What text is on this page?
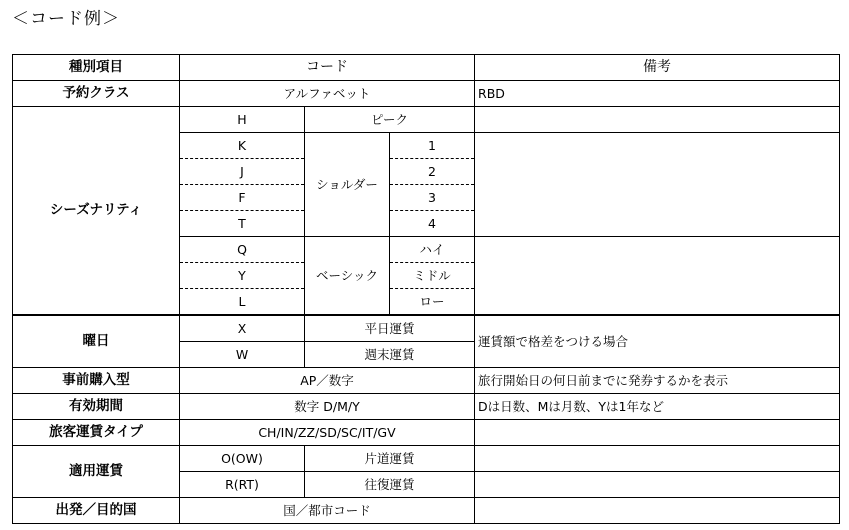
＜コード例＞
種別項目	コード			備考
予約クラス	アルファベット			RBD
シーズナリティ	H	ピーク		
	K	ショルダー	1	
	J		2	
	F		3	
	T		4	
	Q	ベーシック	ハイ	
	Y		ミドル	
	L		ロー	
曜日	X	平日運賃		運賃額で格差をつける場合
	W	週末運賃		
事前購入型	AP／数字			旅行開始日の何日前までに発券するかを表示
有効期間	数字 D/M/Y			Dは日数、Mは月数、Yは1年など
旅客運賃タイプ	CH/IN/ZZ/SD/SC/IT/GV			
適用運賃	O(OW)	片道運賃		
	R(RT)	往復運賃		
出発／目的国	国／都市コード			
